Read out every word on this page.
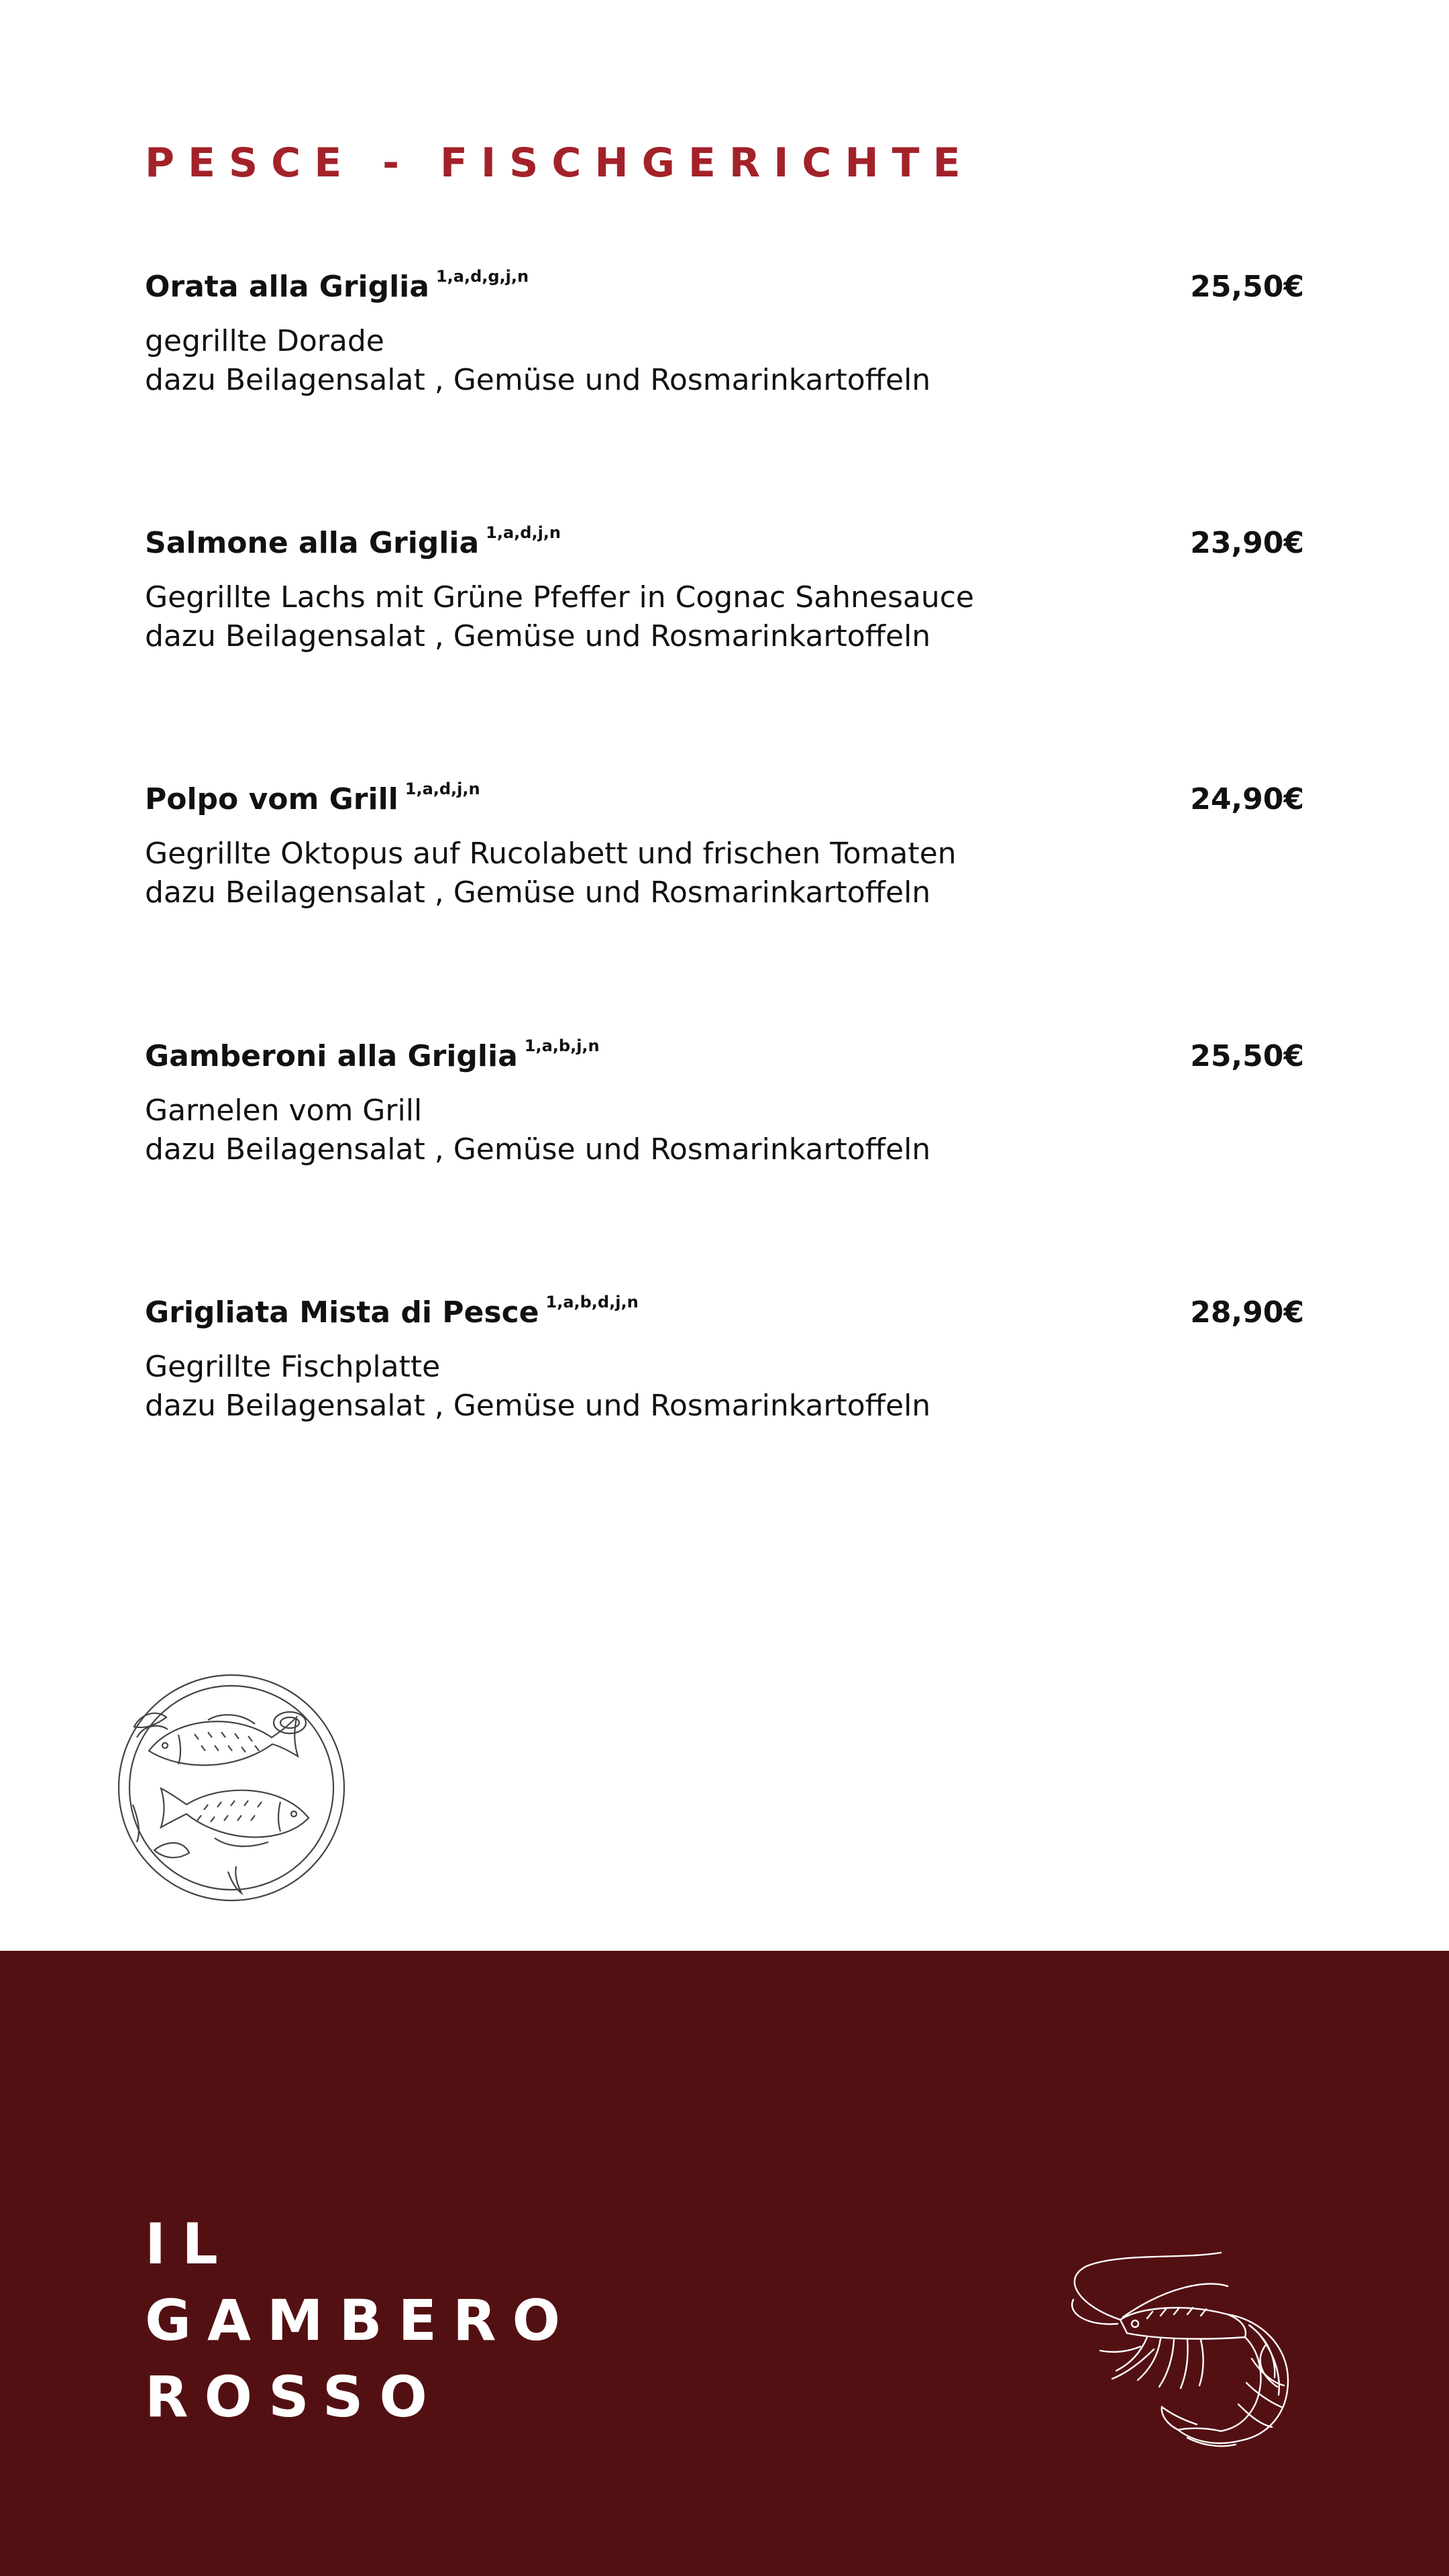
PESCE - FISCHGERICHTE
Orata alla Griglia $^{1,a,d,g,j,n}$	25,50€
gegrillte Dorade
dazu Beilagensalat , Gemüse und Rosmarinkartoffeln
Salmone alla Griglia $^{1,a,d,j,n}$	23,90€
Gegrillte Lachs mit Grüne Pfeffer in Cognac Sahnesauce
dazu Beilagensalat , Gemüse und Rosmarinkartoffeln
Polpo vom Grill $^{1,a,d,j,n}$	24,90€
Gegrillte Oktopus auf Rucolabett und frischen Tomaten
dazu Beilagensalat , Gemüse und Rosmarinkartoffeln
Gamberoni alla Griglia $^{1,a,b,j,n}$	25,50€
Garnelen vom Grill
dazu Beilagensalat , Gemüse und Rosmarinkartoffeln
Grigliata Mista di Pesce $^{1,a,b,d,j,n}$	28,90€
Gegrillte Fischplatte
dazu Beilagensalat , Gemüse und Rosmarinkartoffeln
IL
GAMBERO
ROSSO
